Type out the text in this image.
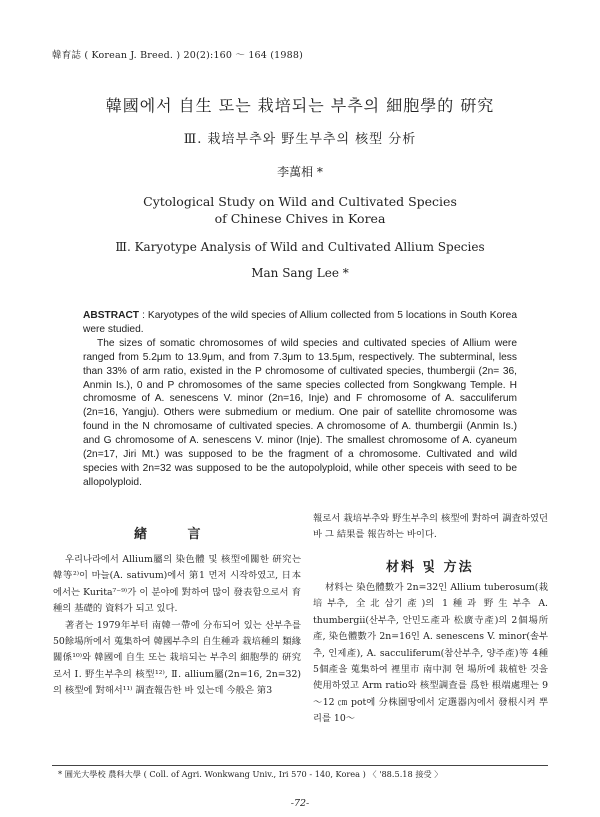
韓育誌 ( Korean J. Breed. ) 20(2):160 ～ 164 (1988)
韓國에서 自生 또는 栽培되는 부추의 細胞學的 硏究
Ⅲ. 栽培부추와 野生부추의 核型 分析
李萬相 *
Cytological Study on Wild and Cultivated Species
of Chinese Chives in Korea
Ⅲ. Karyotype Analysis of Wild and Cultivated Allium Species
Man Sang Lee *

ABSTRACT : Karyotypes of the wild species of Allium collected from 5 locations in South Korea were studied.

The sizes of somatic chromosomes of wild species and cultivated species of Allium were ranged from 5.2μm to 13.9μm, and from 7.3μm to 13.5μm, respectively. The subterminal, less than 33% of arm ratio, existed in the P chromosome of cultivated species, thumbergii (2n= 36, Anmin Is.), 0 and P chromosomes of the same species collected from Songkwang Temple. H chromosme of A. senescens V. minor (2n=16, Inje) and F chromosome of A. sacculiferum (2n=16, Yangju). Others were submedium or medium. One pair of satellite chromosome was found in the N chromosame of cultivated species. A chromosome of A. thumbergii (Anmin Is.) and G chromosome of A. senescens V. minor (Inje). The smallest chromosome of A. cyaneum (2n=17, Jiri Mt.) was supposed to be the fragment of a chromosome. Cultivated and wild species with 2n=32 was supposed to be the autopolyploid, while other speceis with seed to be allopolyploid.

緖 言

우리나라에서 Allium屬의 染色體 및 核型에關한 硏究는 韓等²⁾이 마늘(A. sativum)에서 第1 먼저 시작하였고, 日本에서는 Kurita⁷⁻⁹⁾가 이 분야에 對하여 많이 發表함으로서 育種의 基礎的 資料가 되고 있다.

著者는 1979年부터 南韓一帶에 分布되어 있는 산부추를 50餘場所에서 蒐集하여 韓國부추의 自生種과 栽培種의 類緣關係¹⁰⁾와 韓國에 自生 또는 栽培되는 부추의 細胞學的 硏究로서 Ⅰ. 野生부추의 核型¹²⁾, Ⅱ. allium屬(2n=16, 2n=32)의 核型에 對해서¹¹⁾ 調査報告한 바 있는데 今般은 第3

報로서 栽培부추와 野生부추의 核型에 對하여 調査하였던 바 그 結果를 報告하는 바이다.
材料 및 方法

材料는 染色體數가 2n=32인 Allium tuberosum(栽培부추, 全北삼기產)의 1種과 野生부추 A. thumbergii(산부추, 안민도產과 松廣寺產)의 2個場所產, 染色體數가 2n=16인 A. senescens V. minor(솔부추, 인제產), A. sacculiferum(참산부추, 양주產)等 4種 5個產을 蒐集하여 裡里市 南中洞 현 場所에 栽植한 것을 使用하였고 Arm ratio와 核型調査를 爲한 根端處理는 9～12 ㎝ pot에 分株園땅에서 定選器內에서 發根시켜 뿌리를 10～

* 圓光大學校 農科大學 ( Coll. of Agri. Wonkwang Univ., Iri 570 - 140, Korea ) 〈 '88.5.18 接受 〉
-72-
